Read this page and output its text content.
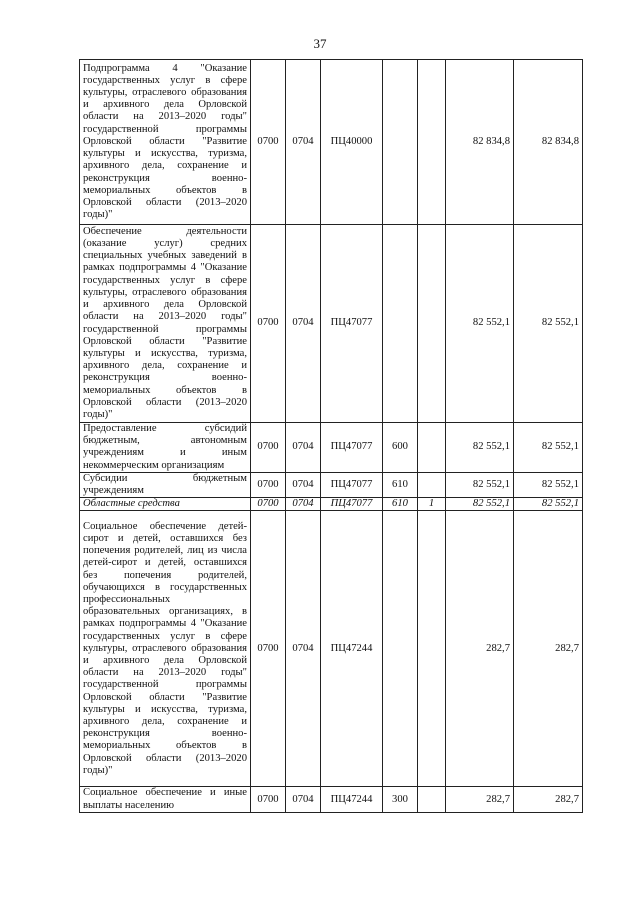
37
Подпрограмма 4 "Оказание государственных услуг в сфере культуры, отраслевого образования и архивного дела Орловской области на 2013–2020 годы" государственной программы Орловской области "Развитие культуры и искусства, туризма, архивного дела, сохранение и реконструкция военно-мемориальных объектов в Орловской области (2013–2020 годы)"	0700	0704	ПЦ40000			82 834,8	82 834,8
Обеспечение деятельности (оказание услуг) средних специальных учебных заведений в рамках подпрограммы 4 "Оказание государственных услуг в сфере культуры, отраслевого образования и архивного дела Орловской области на 2013–2020 годы" государственной программы Орловской области "Развитие культуры и искусства, туризма, архивного дела, сохранение и реконструкция военно-мемориальных объектов в Орловской области (2013–2020 годы)"	0700	0704	ПЦ47077			82 552,1	82 552,1
Предоставление субсидий бюджетным, автономным учреждениям и иным некоммерческим организациям	0700	0704	ПЦ47077	600		82 552,1	82 552,1
Субсидии бюджетным учреждениям	0700	0704	ПЦ47077	610		82 552,1	82 552,1
Областные средства	0700	0704	ПЦ47077	610	1	82 552,1	82 552,1
Социальное обеспечение детей-сирот и детей, оставшихся без попечения родителей, лиц из числа детей-сирот и детей, оставшихся без попечения родителей, обучающихся в государственных профессиональных образовательных организациях, в рамках подпрограммы 4 "Оказание государственных услуг в сфере культуры, отраслевого образования и архивного дела Орловской области на 2013–2020 годы" государственной программы Орловской области "Развитие культуры и искусства, туризма, архивного дела, сохранение и реконструкция военно-мемориальных объектов в Орловской области (2013–2020 годы)"	0700	0704	ПЦ47244			282,7	282,7
Социальное обеспечение и иные выплаты населению	0700	0704	ПЦ47244	300		282,7	282,7
